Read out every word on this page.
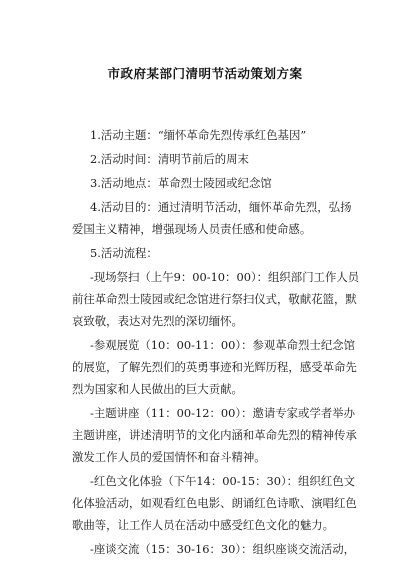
市政府某部门清明节活动策划方案
1.活动主题：“缅怀革命先烈传承红色基因”
2.活动时间：清明节前后的周末
3.活动地点：革命烈士陵园或纪念馆
4.活动目的：通过清明节活动，缅怀革命先烈，弘扬
爱国主义精神，增强现场人员责任感和使命感。
5.活动流程：
-现场祭扫（上午9：00-10：00）：组织部门工作人员
前往革命烈士陵园或纪念馆进行祭扫仪式，敬献花篮，默
哀致敬，表达对先烈的深切缅怀。
-参观展览（10：00-11：00）：参观革命烈士纪念馆
的展览，了解先烈们的英勇事迹和光辉历程，感受革命先
烈为国家和人民做出的巨大贡献。
-主题讲座（11：00-12：00）：邀请专家或学者举办
主题讲座，讲述清明节的文化内涵和革命先烈的精神传承
激发工作人员的爱国情怀和奋斗精神。
-红色文化体验（下午14：00-15：30）：组织红色文
化体验活动，如观看红色电影、朗诵红色诗歌、演唱红色
歌曲等，让工作人员在活动中感受红色文化的魅力。
-座谈交流（15：30-16：30）：组织座谈交流活动，
